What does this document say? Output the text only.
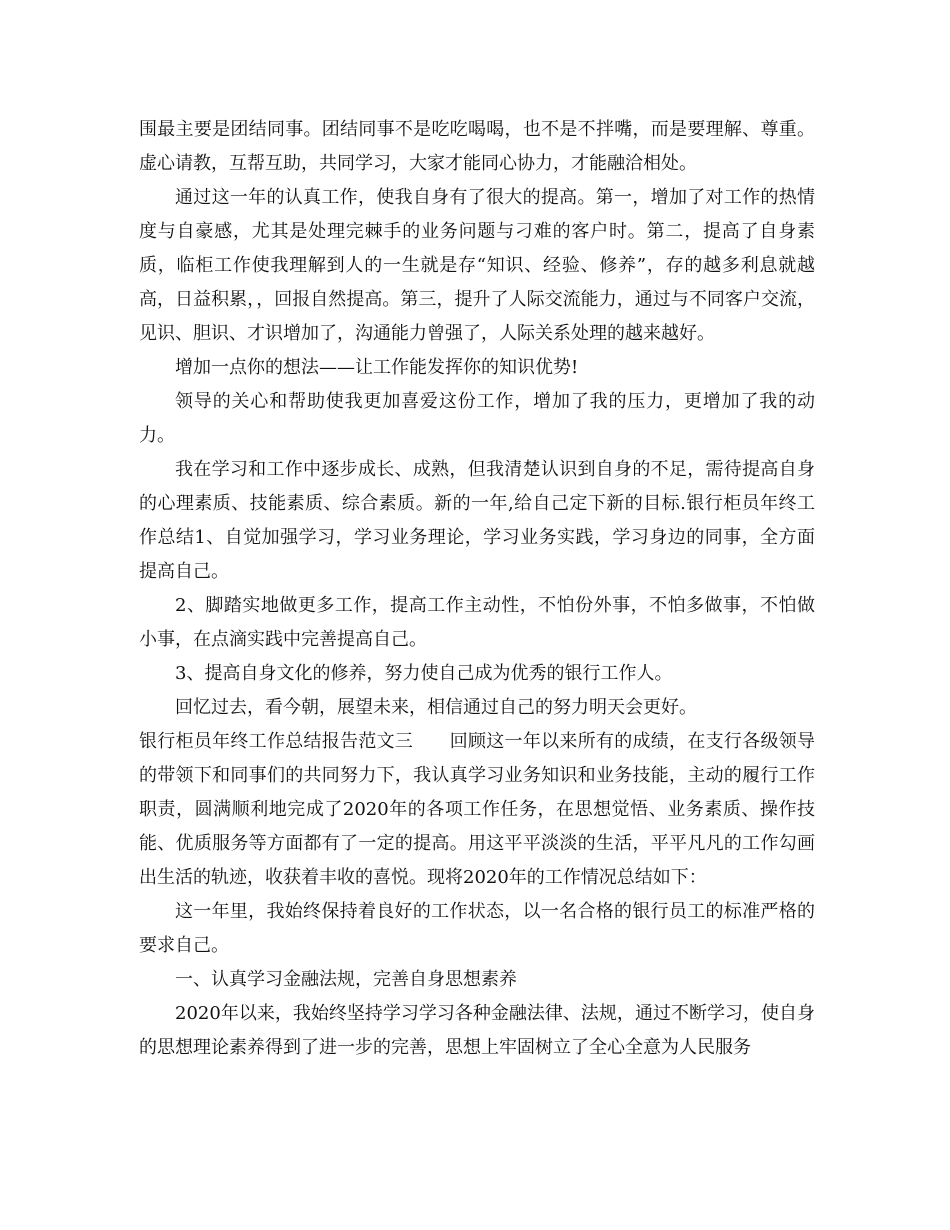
围最主要是团结同事。团结同事不是吃吃喝喝，也不是不拌嘴，而是要理解、尊重。虚心请教，互帮互助，共同学习，大家才能同心协力，才能融洽相处。

通过这一年的认真工作，使我自身有了很大的提高。第一，增加了对工作的热情度与自豪感，尤其是处理完棘手的业务问题与刁难的客户时。第二，提高了自身素质，临柜工作使我理解到人的一生就是存“知识、经验、修养”，存的越多利息就越高，日益积累，，回报自然提高。第三，提升了人际交流能力，通过与不同客户交流，见识、胆识、才识增加了，沟通能力曾强了，人际关系处理的越来越好。

增加一点你的想法——让工作能发挥你的知识优势!

领导的关心和帮助使我更加喜爱这份工作，增加了我的压力，更增加了我的动力。

我在学习和工作中逐步成长、成熟，但我清楚认识到自身的不足，需待提高自身的心理素质、技能素质、综合素质。新的一年,给自己定下新的目标.银行柜员年终工作总结1、自觉加强学习，学习业务理论，学习业务实践，学习身边的同事，全方面提高自己。

2、脚踏实地做更多工作，提高工作主动性，不怕份外事，不怕多做事，不怕做小事，在点滴实践中完善提高自己。

3、提高自身文化的修养，努力使自己成为优秀的银行工作人。

回忆过去，看今朝，展望未来，相信通过自己的努力明天会更好。

银行柜员年终工作总结报告范文三　　回顾这一年以来所有的成绩，在支行各级领导的带领下和同事们的共同努力下，我认真学习业务知识和业务技能，主动的履行工作职责，圆满顺利地完成了2020年的各项工作任务，在思想觉悟、业务素质、操作技能、优质服务等方面都有了一定的提高。用这平平淡淡的生活，平平凡凡的工作勾画出生活的轨迹，收获着丰收的喜悦。现将2020年的工作情况总结如下：

这一年里，我始终保持着良好的工作状态，以一名合格的银行员工的标准严格的要求自己。

一、认真学习金融法规，完善自身思想素养

2020年以来，我始终坚持学习学习各种金融法律、法规，通过不断学习，使自身的思想理论素养得到了进一步的完善，思想上牢固树立了全心全意为人民服务
